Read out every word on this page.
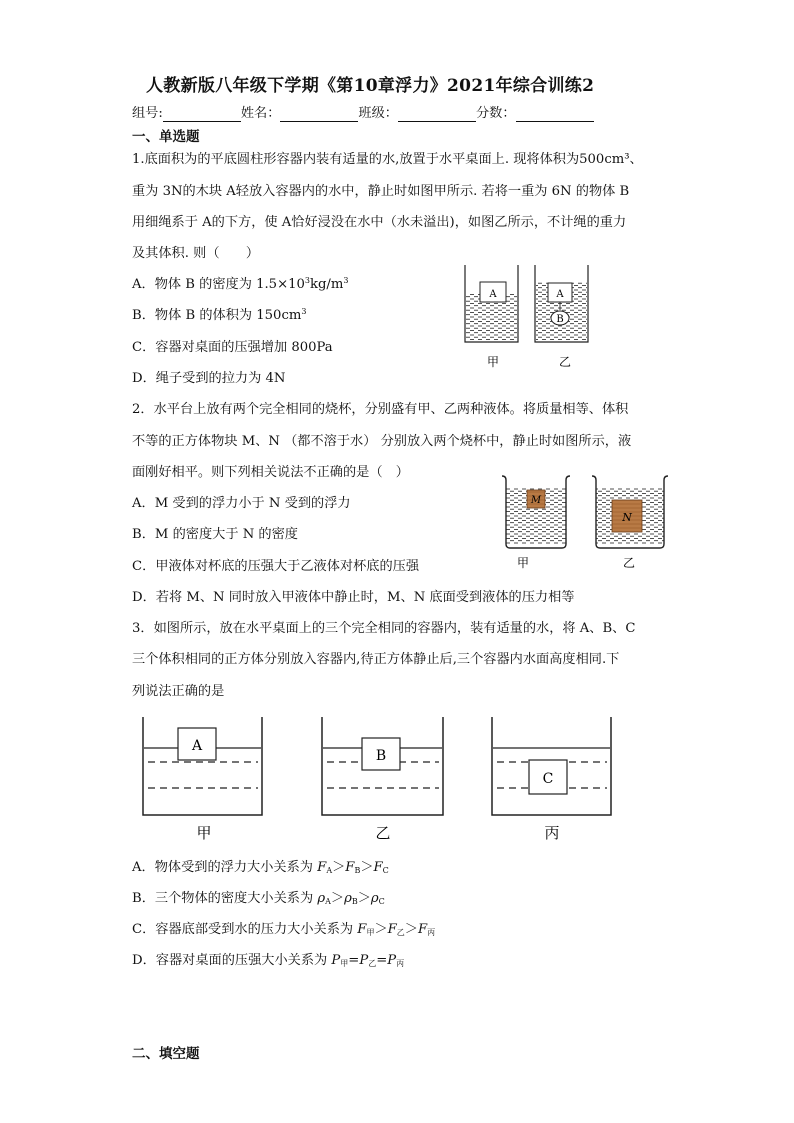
人教新版八年级下学期《第10章浮力》2021年综合训练2
组号:	姓名：	班级：	分数：
一、单选题
1.底面积为的平底圆柱形容器内装有适量的水,放置于水平桌面上. 现将体积为500cm³、
重为 3N的木块 A轻放入容器内的水中，静止时如图甲所示. 若将一重为 6N 的物体 B
用细绳系于 A的下方，使 A恰好浸没在水中（水未溢出)，如图乙所示，不计绳的重力
及其体积. 则（　　）
A．物体 B 的密度为 $1.5\times 10^3kg/m^3$
B．物体 B 的体积为 $150cm^3$
C．容器对桌面的压强增加 800Pa
D．绳子受到的拉力为 4N
A	A
B
甲	乙
2．水平台上放有两个完全相同的烧杯，分别盛有甲、乙两种液体。将质量相等、体积
不等的正方体物块 M、N （都不溶于水） 分别放入两个烧杯中，静止时如图所示，液
面刚好相平。则下列相关说法不正确的是（　）
A．M 受到的浮力小于 N 受到的浮力
B．M 的密度大于 N 的密度
C．甲液体对杯底的压强大于乙液体对杯底的压强
D．若将 M、N 同时放入甲液体中静止时，M、N 底面受到液体的压力相等
M
N
甲	乙
3．如图所示，放在水平桌面上的三个完全相同的容器内，装有适量的水，将 A、B、C
三个体积相同的正方体分别放入容器内,待正方体静止后,三个容器内水面高度相同.下
列说法正确的是
A
B
C
甲	乙	丙
A．物体受到的浮力大小关系为 $F_A>F_B>F_C$
B．三个物体的密度大小关系为 $\rho_A>\rho_B>\rho_C$
C．容器底部受到水的压力大小关系为 $F_甲>F_乙>F_丙$
D．容器对桌面的压强大小关系为 $P_甲=P_乙=P_丙$
二、填空题
